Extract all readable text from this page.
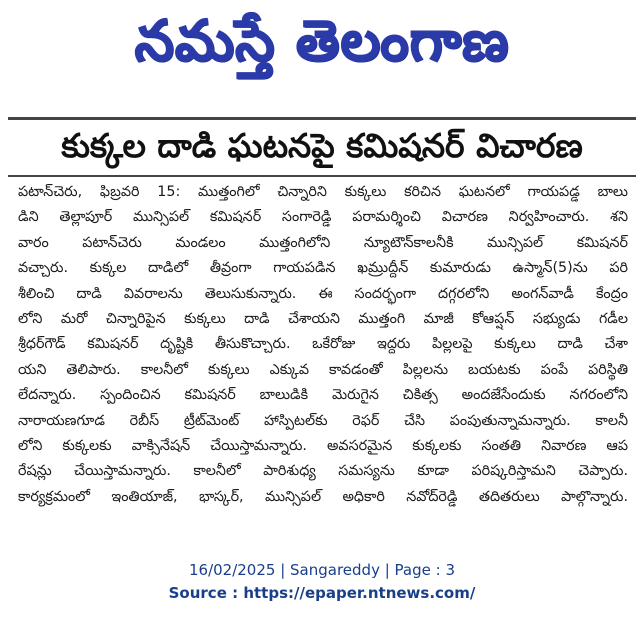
నమస్తే తెలంగాణ
కుక్కల దాడి ఘటనపై కమిషనర్ విచారణ
పటాన్‌చెరు, ఫిబ్రవరి 15: ముత్తంగిలో చిన్నారిని కుక్కలు కరిచిన ఘటనలో గాయపడ్డ బాలు
డిని తెల్లాపూర్ మున్సిపల్ కమిషనర్ సంగారెడ్డి పరామర్శించి విచారణ నిర్వహించారు. శని
వారం పటాన్‌చెరు మండలం ముత్తంగిలోని న్యూటౌన్‌కాలనీకి మున్సిపల్ కమిషనర్
వచ్చారు. కుక్కల దాడిలో తీవ్రంగా గాయపడిన ఖమ్రుద్దీన్ కుమారుడు ఉస్మాన్(5)ను పరి
శీలించి దాడి వివరాలను తెలుసుకున్నారు. ఈ సందర్భంగా దగ్గరలోని అంగన్‌వాడీ కేంద్రం
లోని మరో చిన్నారిపైన కుక్కలు దాడి చేశాయని ముత్తంగి మాజీ కోఆప్షన్ సభ్యుడు గడీల
శ్రీధర్‌గౌడ్ కమిషనర్ దృష్టికి తీసుకొచ్చారు. ఒకేరోజు ఇద్దరు పిల్లలపై కుక్కలు దాడి చేశా
యని తెలిపారు. కాలనీలో కుక్కలు ఎక్కువ కావడంతో పిల్లలను బయటకు పంపే పరిస్థితి
లేదన్నారు. స్పందించిన కమిషనర్ బాలుడికి మెరుగైన చికిత్స అందజేసేందుకు నగరంలోని
నారాయణగూడ రెబీస్ ట్రీట్‌మెంట్ హాస్పిటల్‌కు రెఫర్ చేసి పంపుతున్నామన్నారు. కాలనీ
లోని కుక్కలకు వాక్సినేషన్ చేయిస్తామన్నారు. అవసరమైన కుక్కలకు సంతతి నివారణ ఆప
రేషన్లు చేయిస్తామన్నారు. కాలనీలో పారిశుధ్య సమస్యను కూడా పరిష్కరిస్తామని చెప్పారు.
కార్యక్రమంలో ఇంతియాజ్, భాస్కర్, మున్సిపల్ అధికారి నవోద్‌రెడ్డి తదితరులు పాల్గొన్నారు.
16/02/2025 | Sangareddy | Page : 3
Source : https://epaper.ntnews.com/
